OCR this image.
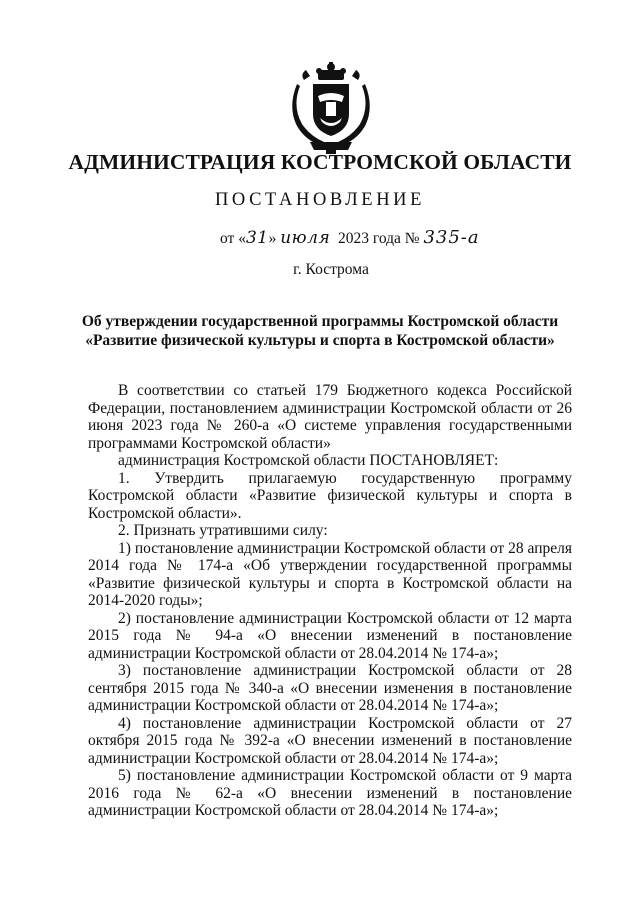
АДМИНИСТРАЦИЯ КОСТРОМСКОЙ ОБЛАСТИ
ПОСТАНОВЛЕНИЕ
от «31» июля 2023 года № 335-а
г. Кострома
Об утверждении государственной программы Костромской области
«Развитие физической культуры и спорта в Костромской области»

В соответствии со статьей 179 Бюджетного кодекса Российской Федерации, постановлением администрации Костромской области от 26 июня 2023 года № 260-а «О системе управления государственными программами Костромской области»

администрация Костромской области ПОСТАНОВЛЯЕТ:

1. Утвердить прилагаемую государственную программу Костромской области «Развитие физической культуры и спорта в Костромской области».

2. Признать утратившими силу:

1) постановление администрации Костромской области от 28 апреля 2014 года № 174-а «Об утверждении государственной программы «Развитие физической культуры и спорта в Костромской области на 2014-2020 годы»;

2) постановление администрации Костромской области от 12 марта 2015 года № 94-а «О внесении изменений в постановление администрации Костромской области от 28.04.2014 № 174-а»;

3) постановление администрации Костромской области от 28 сентября 2015 года № 340-а «О внесении изменения в постановление администрации Костромской области от 28.04.2014 № 174-а»;

4) постановление администрации Костромской области от 27 октября 2015 года № 392-а «О внесении изменений в постановление администрации Костромской области от 28.04.2014 № 174-а»;

5) постановление администрации Костромской области от 9 марта 2016 года № 62-а «О внесении изменений в постановление администрации Костромской области от 28.04.2014 № 174-а»;
